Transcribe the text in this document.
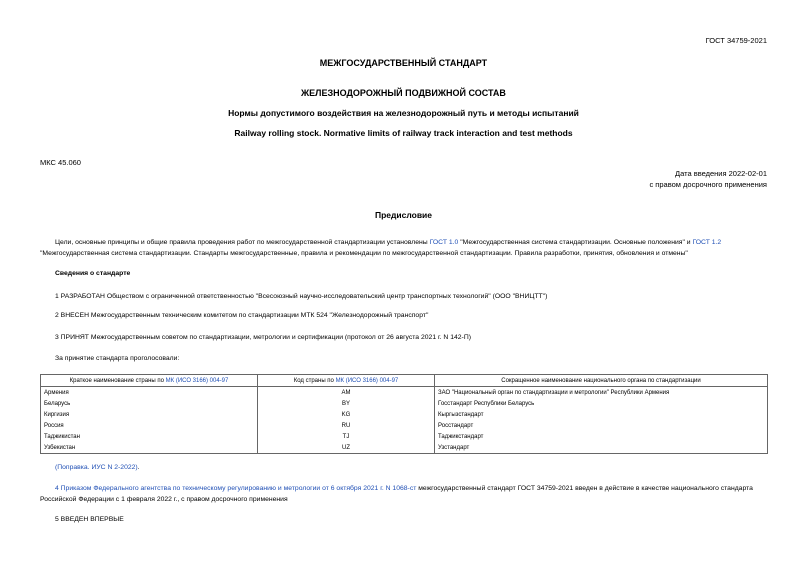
ГОСТ 34759-2021
МЕЖГОСУДАРСТВЕННЫЙ СТАНДАРТ
ЖЕЛЕЗНОДОРОЖНЫЙ ПОДВИЖНОЙ СОСТАВ
Нормы допустимого воздействия на железнодорожный путь и методы испытаний
Railway rolling stock. Normative limits of railway track interaction and test methods
МКС 45.060
Дата введения 2022-02-01
с правом досрочного применения
Предисловие
Цели, основные принципы и общие правила проведения работ по межгосударственной стандартизации установлены ГОСТ 1.0 "Межгосударственная система стандартизации. Основные положения" и ГОСТ 1.2 "Межгосударственная система стандартизации. Стандарты межгосударственные, правила и рекомендации по межгосударственной стандартизации. Правила разработки, принятия, обновления и отмены"
Сведения о стандарте
1 РАЗРАБОТАН Обществом с ограниченной ответственностью "Всесоюзный научно-исследовательский центр транспортных технологий" (ООО "ВНИЦТТ")
2 ВНЕСЕН Межгосударственным техническим комитетом по стандартизации МТК 524 "Железнодорожный транспорт"
3 ПРИНЯТ Межгосударственным советом по стандартизации, метрологии и сертификации (протокол от 26 августа 2021 г. N 142-П)
За принятие стандарта проголосовали:
Краткое наименование страны по МК (ИСО 3166) 004-97	Код страны по МК (ИСО 3166) 004-97	Сокращенное наименование национального органа по стандартизации
Армения	AM	ЗАО "Национальный орган по стандартизации и метрологии" Республики Армения
Беларусь	BY	Госстандарт Республики Беларусь
Киргизия	KG	Кыргызстандарт
Россия	RU	Росстандарт
Таджикистан	TJ	Таджикстандарт
Узбекистан	UZ	Узстандарт
(Поправка. ИУС N 2-2022).
4 Приказом Федерального агентства по техническому регулированию и метрологии от 6 октября 2021 г. N 1068-ст межгосударственный стандарт ГОСТ 34759-2021 введен в действие в качестве национального стандарта Российской Федерации с 1 февраля 2022 г., с правом досрочного применения
5 ВВЕДЕН ВПЕРВЫЕ
